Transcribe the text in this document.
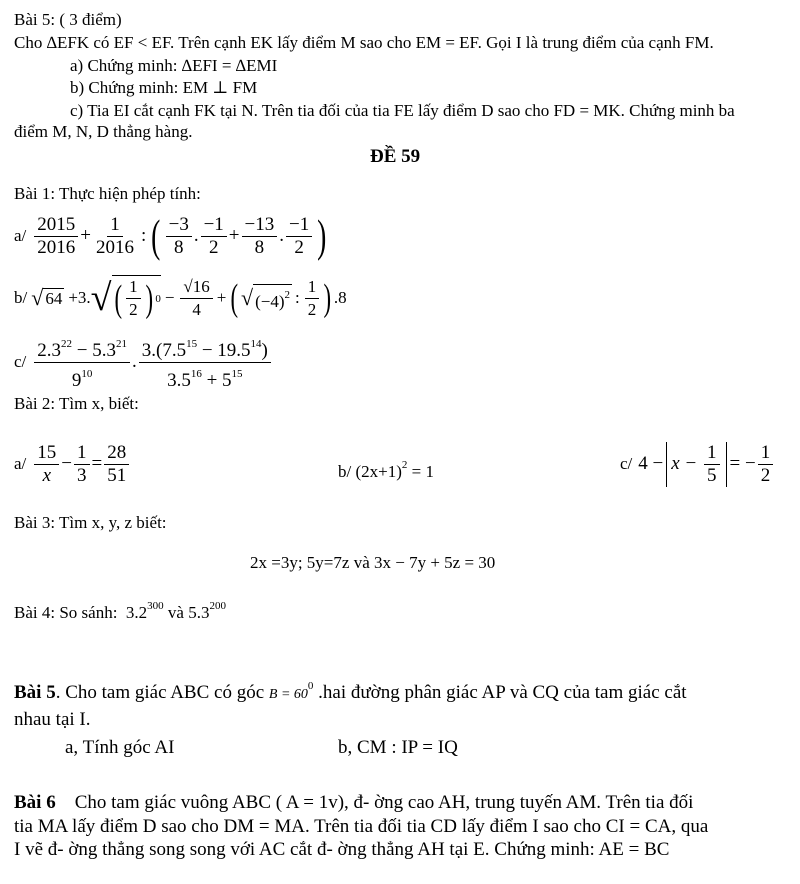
Bài 5: ( 3 điểm)
Cho ∆EFK có EF < EF. Trên cạnh EK lấy điểm M sao cho EM = EF. Gọi I là trung điểm của cạnh FM.
a) Chứng minh: ∆EFI = ∆EMI
b) Chứng minh: EM ⊥ FM
c) Tia EI cắt cạnh FK tại N. Trên tia đối của tia FE lấy điểm D sao cho FD = MK. Chứng minh ba
điểm M, N, D thẳng hàng.
ĐỀ 59
Bài 1: Thực hiện phép tính:
$a/ \frac{2015}{2016} + \frac{1}{2016}$ : ( $\frac{-3}{8}$ . $\frac{-1}{2} + \frac{-13}{8}$ . $\frac{-1}{2}$ )
b/ √ 64 + 3. √ ( $\frac{1}{2}$ ) $0 - \frac{√16}{4}$ + ( √ $(-4)^2$ : $\frac{1}{2}$ ) .8
$c/ \frac{2.3^{22} - 5.3^{21}}{9^{10}}$ . $\frac{3.(7.5^{15} - 19.5^{14})}{3.5^{16} + 5^{15}}$
Bài 2: Tìm x, biết:
$a/ \frac{15}{x} - \frac{1}{3} = \frac{28}{51}$	b/ $(2x+1)^2 = 1$	c/ $4 - x - \frac{1}{5}$ = − $\frac{1}{2}$
Bài 3: Tìm x, y, z biết:
2x =3y; 5y=7z và 3x − 7y + 5z = 30
Bài 4: So sánh: $3.2^{300}$ và $5.3^{200}$
Bài 5. Cho tam giác ABC có góc $B = 60^0$ .hai đường phân giác AP và CQ của tam giác cắt
nhau tại I.
a, Tính góc AI	b, CM : IP = IQ
Bài 6 Cho tam giác vuông ABC ( A = 1v), đ- ờng cao AH, trung tuyến AM. Trên tia đối
tia MA lấy điểm D sao cho DM = MA. Trên tia đối tia CD lấy điểm I sao cho CI = CA, qua
I vẽ đ- ờng thẳng song song với AC cắt đ- ờng thẳng AH tại E. Chứng minh: AE = BC
